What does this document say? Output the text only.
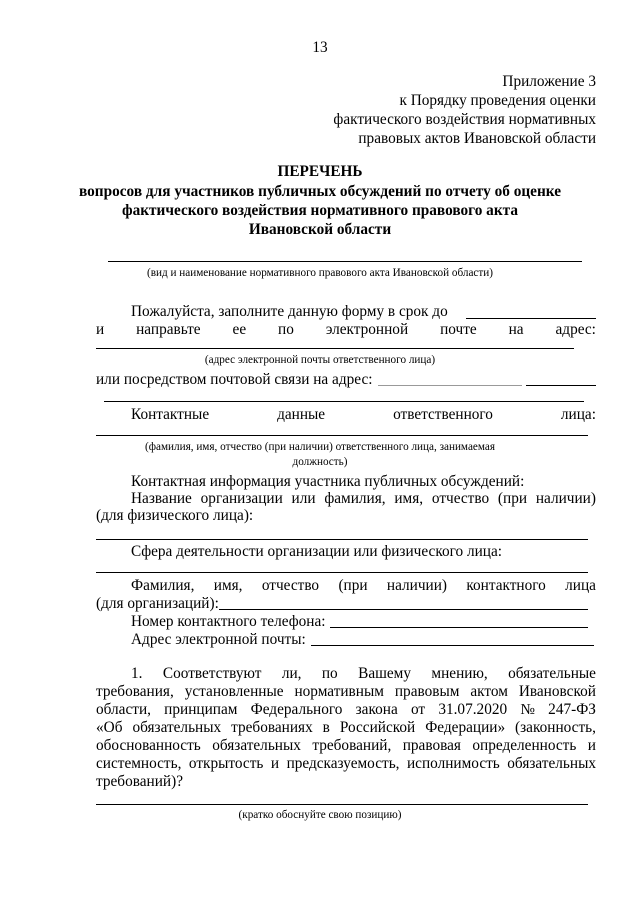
13
Приложение 3
к Порядку проведения оценки
фактического воздействия нормативных
правовых актов Ивановской области
ПЕРЕЧЕНЬ
вопросов для участников публичных обсуждений по отчету об оценке
фактического воздействия нормативного правового акта
Ивановской области
(вид и наименование нормативного правового акта Ивановской области)
Пожалуйста, заполните данную форму в срок до
и направьте ее по электронной почте на адрес:
(адрес электронной почты ответственного лица)
или посредством почтовой связи на адрес:
Контактные	данные	ответственного	лица:
(фамилия, имя, отчество (при наличии) ответственного лица, занимаемая
должность)
Контактная информация участника публичных обсуждений:
Название организации или фамилия, имя, отчество (при наличии)
(для физического лица):
Сфера деятельности организации или физического лица:
Фамилия, имя, отчество (при наличии) контактного лица
(для организаций):
Номер контактного телефона:
Адрес электронной почты:
1. Соответствуют ли, по Вашему мнению, обязательные
требования, установленные нормативным правовым актом Ивановской
области, принципам Федерального закона от 31.07.2020 № 247-ФЗ
«Об обязательных требованиях в Российской Федерации» (законность,
обоснованность обязательных требований, правовая определенность и
системность, открытость и предсказуемость, исполнимость обязательных
требований)?
(кратко обоснуйте свою позицию)
